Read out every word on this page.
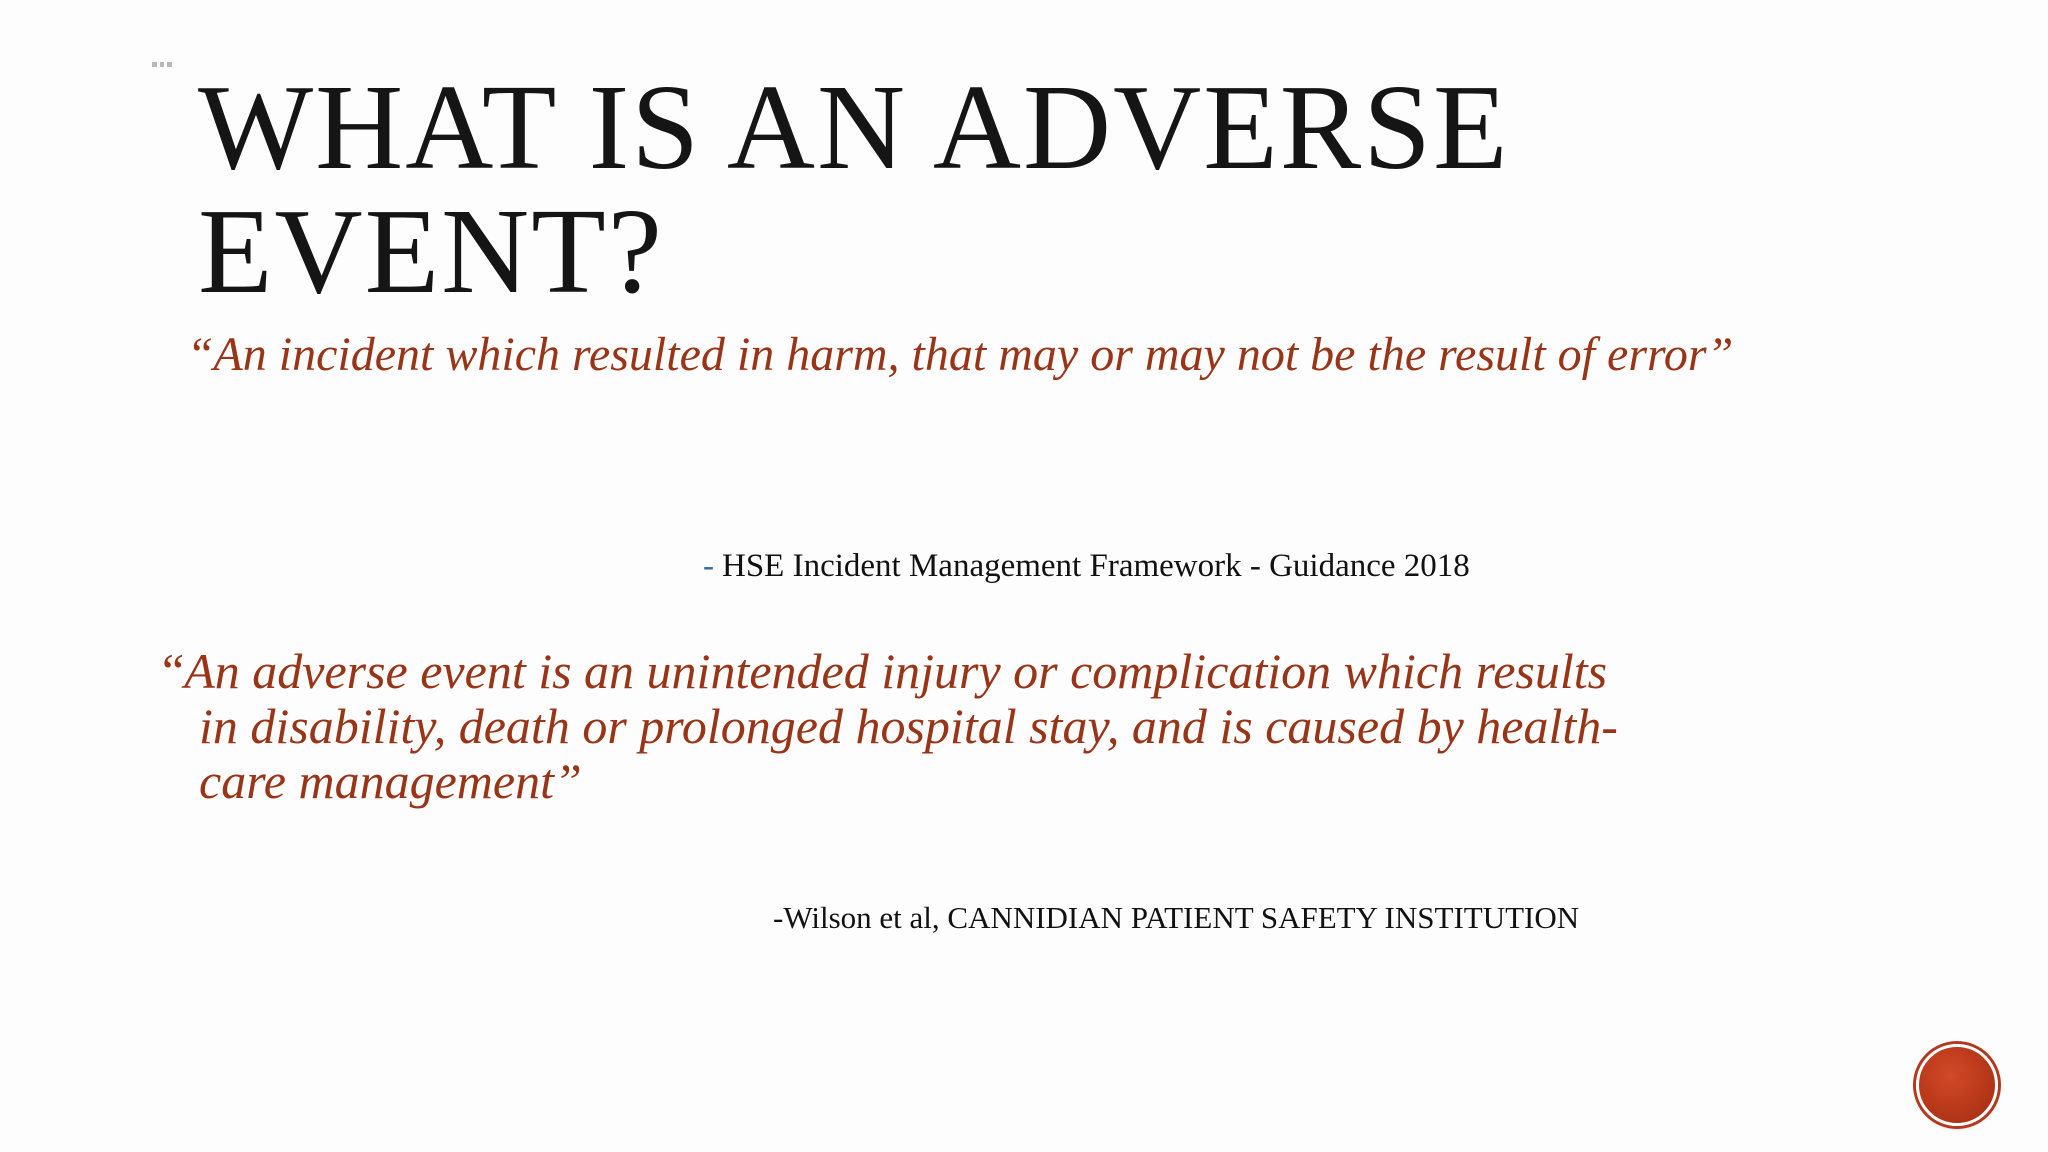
WHAT IS AN ADVERSE EVENT?

“An incident which resulted in harm, that may or may not be the result of error”

- HSE Incident Management Framework - Guidance 2018

“An adverse event is an unintended injury or complication which results
in disability, death or prolonged hospital stay, and is caused by health-
care management”

-Wilson et al, CANNIDIAN PATIENT SAFETY INSTITUTION
